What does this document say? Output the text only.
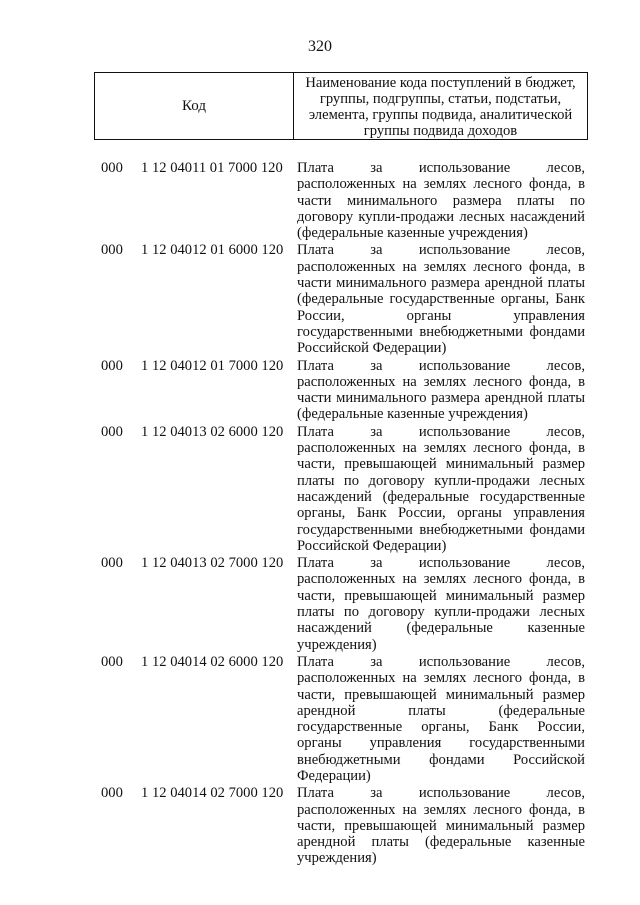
320
Код
Наименование кода поступлений в бюджет, группы, подгруппы, статьи, подстатьи, элемента, группы подвида, аналитической группы подвида доходов
000 1 12 04011 01 7000 120 Плата за использование лесов, расположенных на землях лесного фонда, в части минимального размера платы по договору купли-продажи лесных насаждений (федеральные казенные учреждения)
000 1 12 04012 01 6000 120 Плата за использование лесов, расположенных на землях лесного фонда, в части минимального размера арендной платы (федеральные государственные органы, Банк России, органы управления государственными внебюджетными фондами Российской Федерации)
000 1 12 04012 01 7000 120 Плата за использование лесов, расположенных на землях лесного фонда, в части минимального размера арендной платы (федеральные казенные учреждения)
000 1 12 04013 02 6000 120 Плата за использование лесов, расположенных на землях лесного фонда, в части, превышающей минимальный размер платы по договору купли-продажи лесных насаждений (федеральные государственные органы, Банк России, органы управления государственными внебюджетными фондами Российской Федерации)
000 1 12 04013 02 7000 120 Плата за использование лесов, расположенных на землях лесного фонда, в части, превышающей минимальный размер платы по договору купли-продажи лесных насаждений (федеральные казенные учреждения)
000 1 12 04014 02 6000 120 Плата за использование лесов, расположенных на землях лесного фонда, в части, превышающей минимальный размер арендной платы (федеральные государственные органы, Банк России, органы управления государственными внебюджетными фондами Российской Федерации)
000 1 12 04014 02 7000 120 Плата за использование лесов, расположенных на землях лесного фонда, в части, превышающей минимальный размер арендной платы (федеральные казенные учреждения)
